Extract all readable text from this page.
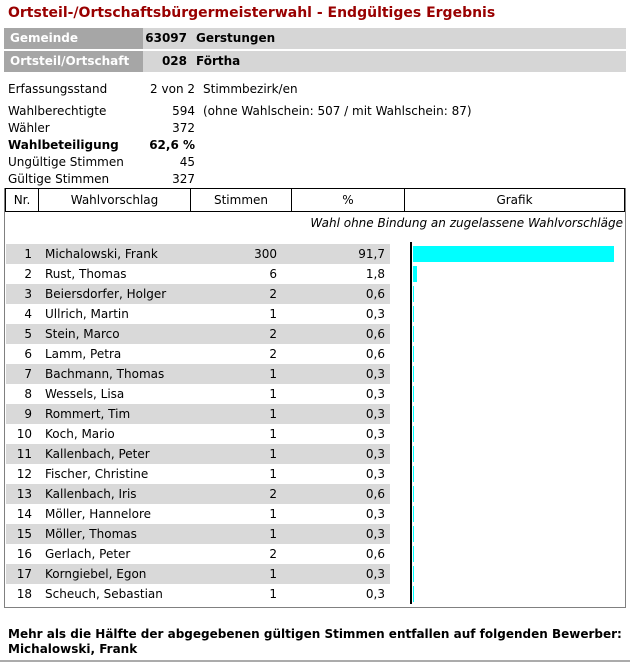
Ortsteil-/Ortschaftsbürgermeisterwahl - Endgültiges Ergebnis
Gemeinde	63097 Gerstungen
Ortsteil/Ortschaft	028 Förtha
Erfassungsstand	2 von 2 Stimmbezirk/en
Wahlberechtigte	594 (ohne Wahlschein: 507 / mit Wahlschein: 87)
Wähler	372
Wahlbeteiligung	62,6 %
Ungültige Stimmen	45
Gültige Stimmen	327
Nr.	Wahlvorschlag	Stimmen	%	Grafik
Wahl ohne Bindung an zugelassene Wahlvorschläge
1 Michalowski, Frank	300	91,7
2 Rust, Thomas	6	1,8
3 Beiersdorfer, Holger	2	0,6
4 Ullrich, Martin	1	0,3
5 Stein, Marco	2	0,6
6 Lamm, Petra	2	0,6
7 Bachmann, Thomas	1	0,3
8 Wessels, Lisa	1	0,3
9 Rommert, Tim	1	0,3
10 Koch, Mario	1	0,3
11 Kallenbach, Peter	1	0,3
12 Fischer, Christine	1	0,3
13 Kallenbach, Iris	2	0,6
14 Möller, Hannelore	1	0,3
15 Möller, Thomas	1	0,3
16 Gerlach, Peter	2	0,6
17 Korngiebel, Egon	1	0,3
18 Scheuch, Sebastian	1	0,3
Mehr als die Hälfte der abgegebenen gültigen Stimmen entfallen auf folgenden Bewerber:
Michalowski, Frank
